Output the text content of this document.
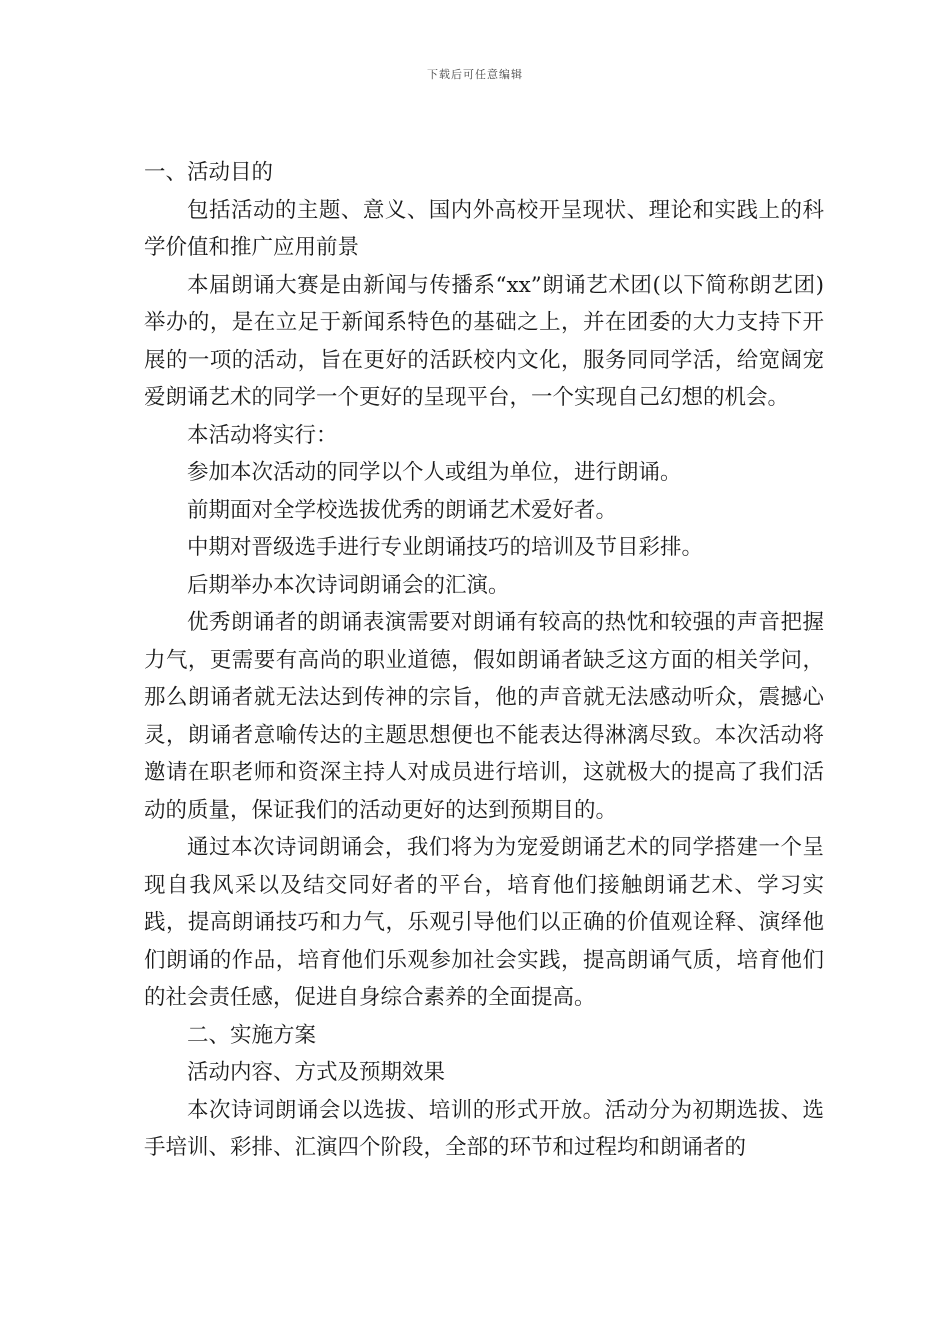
下载后可任意编辑

一、活动目的

包括活动的主题、意义、国内外高校开呈现状、理论和实践上的科学价值和推广应用前景

本届朗诵大赛是由新闻与传播系“xx”朗诵艺术团(以下简称朗艺团)举办的，是在立足于新闻系特色的基础之上，并在团委的大力支持下开展的一项的活动，旨在更好的活跃校内文化，服务同同学活，给宽阔宠爱朗诵艺术的同学一个更好的呈现平台，一个实现自己幻想的机会。

本活动将实行：

参加本次活动的同学以个人或组为单位，进行朗诵。

前期面对全学校选拔优秀的朗诵艺术爱好者。

中期对晋级选手进行专业朗诵技巧的培训及节目彩排。

后期举办本次诗词朗诵会的汇演。

优秀朗诵者的朗诵表演需要对朗诵有较高的热忱和较强的声音把握力气，更需要有高尚的职业道德，假如朗诵者缺乏这方面的相关学问，那么朗诵者就无法达到传神的宗旨，他的声音就无法感动听众，震撼心灵，朗诵者意喻传达的主题思想便也不能表达得淋漓尽致。本次活动将邀请在职老师和资深主持人对成员进行培训，这就极大的提高了我们活动的质量，保证我们的活动更好的达到预期目的。

通过本次诗词朗诵会，我们将为为宠爱朗诵艺术的同学搭建一个呈现自我风采以及结交同好者的平台，培育他们接触朗诵艺术、学习实践，提高朗诵技巧和力气，乐观引导他们以正确的价值观诠释、演绎他们朗诵的作品，培育他们乐观参加社会实践，提高朗诵气质，培育他们的社会责任感，促进自身综合素养的全面提高。

二、实施方案

活动内容、方式及预期效果

本次诗词朗诵会以选拔、培训的形式开放。活动分为初期选拔、选手培训、彩排、汇演四个阶段，全部的环节和过程均和朗诵者的
